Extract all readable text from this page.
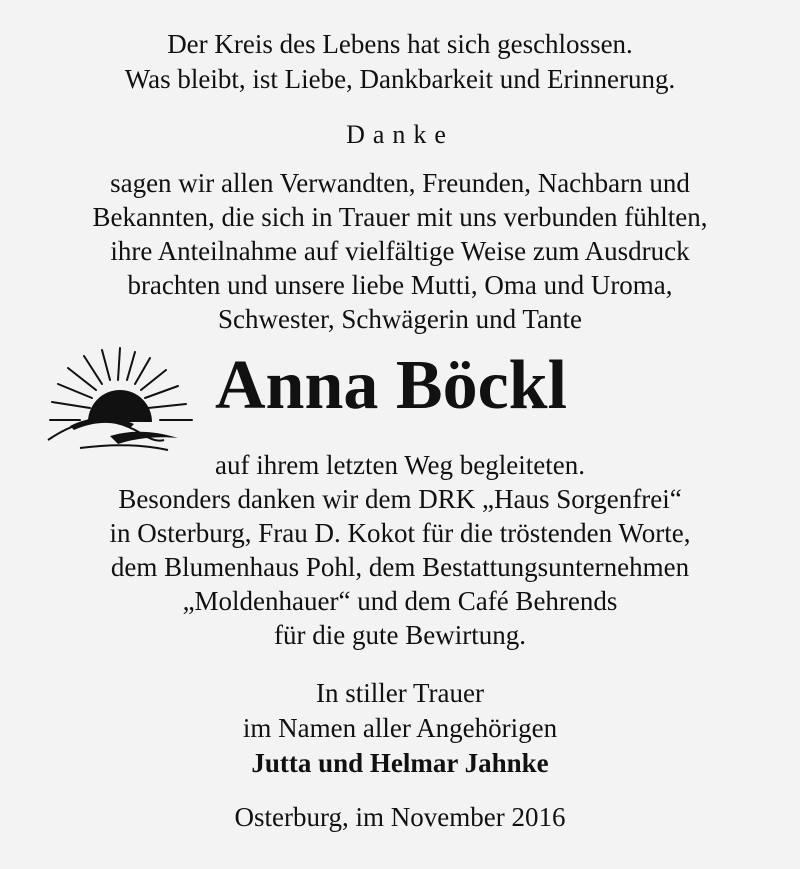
Der Kreis des Lebens hat sich geschlossen.
Was bleibt, ist Liebe, Dankbarkeit und Erinnerung.
Danke
sagen wir allen Verwandten, Freunden, Nachbarn und
Bekannten, die sich in Trauer mit uns verbunden fühlten,
ihre Anteilnahme auf vielfältige Weise zum Ausdruck
brachten und unsere liebe Mutti, Oma und Uroma,
Schwester, Schwägerin und Tante
Anna Böckl
auf ihrem letzten Weg begleiteten.
Besonders danken wir dem DRK „Haus Sorgenfrei“
in Osterburg, Frau D. Kokot für die tröstenden Worte,
dem Blumenhaus Pohl, dem Bestattungsunternehmen
„Moldenhauer“ und dem Café Behrends
für die gute Bewirtung.
In stiller Trauer
im Namen aller Angehörigen
Jutta und Helmar Jahnke
Osterburg, im November 2016
